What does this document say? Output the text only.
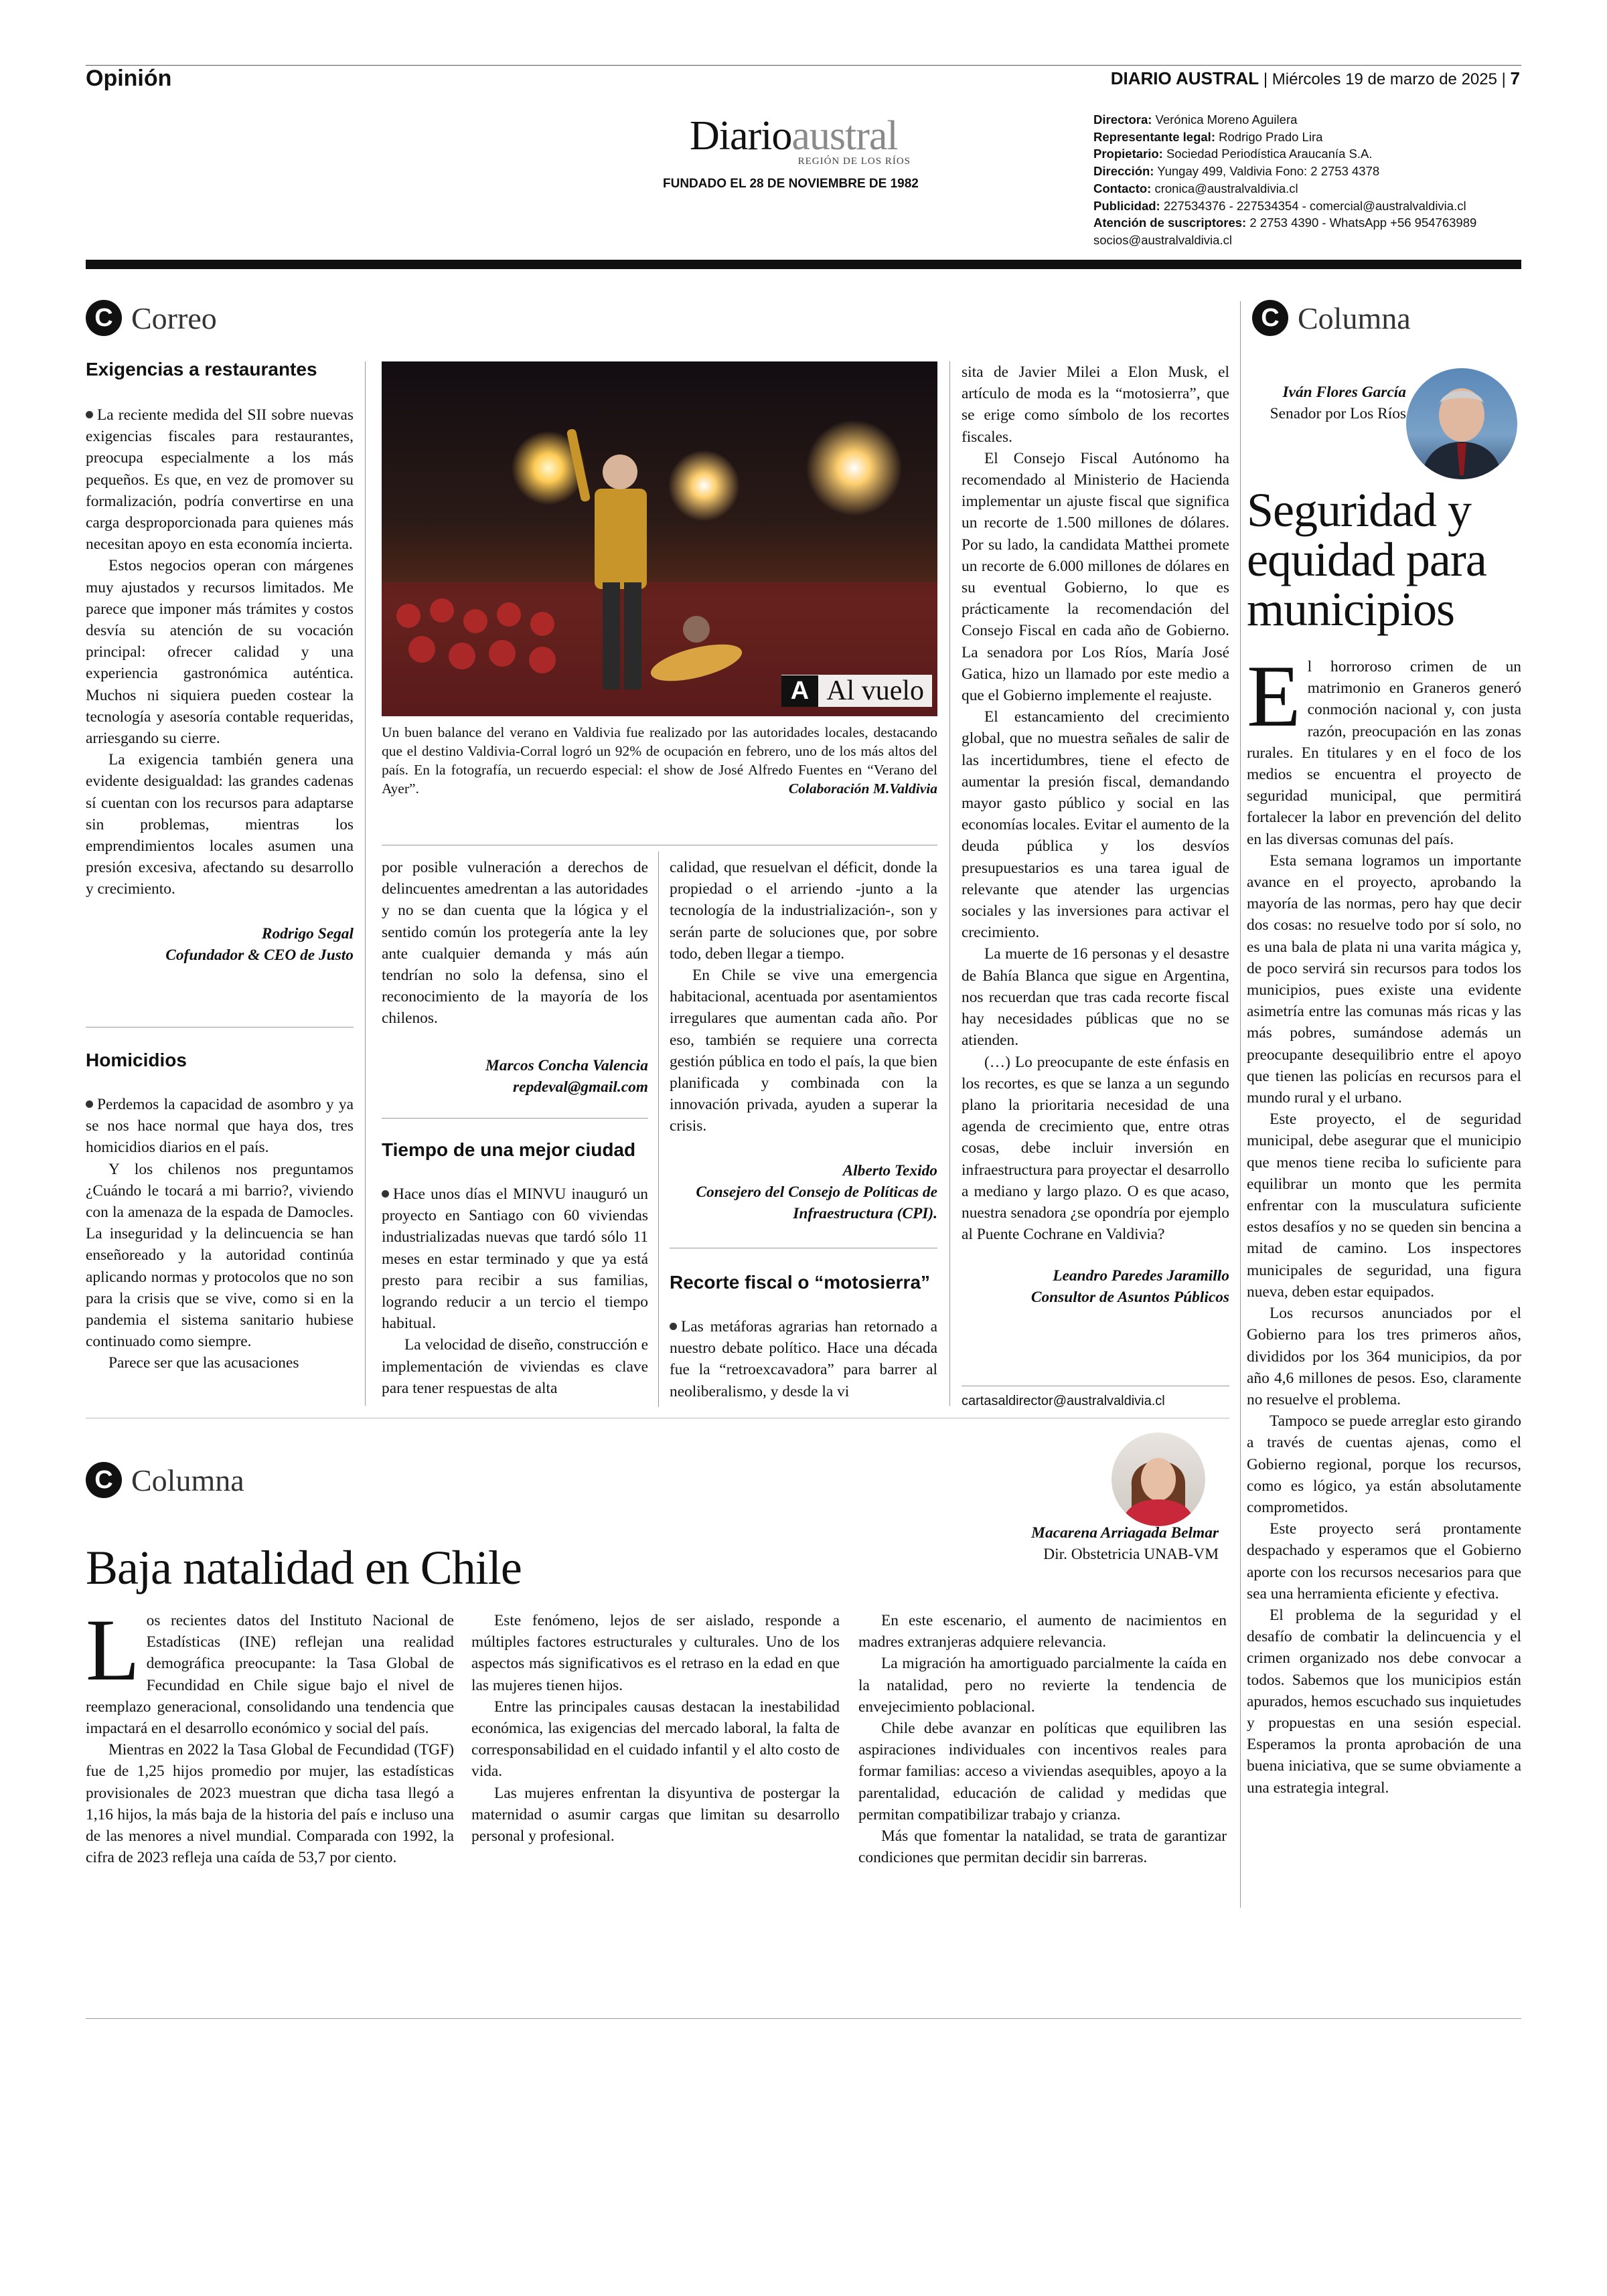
Opinión	DIARIO AUSTRAL | Miércoles 19 de marzo de 2025 | 7
Diarioaustral
REGIÓN DE LOS RÍOS
FUNDADO EL 28 DE NOVIEMBRE DE 1982
Directora: Verónica Moreno Aguilera
Representante legal: Rodrigo Prado Lira
Propietario: Sociedad Periodística Araucanía S.A.
Dirección: Yungay 499, Valdivia Fono: 2 2753 4378
Contacto: cronica@australvaldivia.cl
Publicidad: 227534376 - 227534354 - comercial@australvaldivia.cl
Atención de suscriptores: 2 2753 4390 - WhatsApp +56 954763989
socios@australvaldivia.cl
C Correo
Exigencias a restaurantes

La reciente medida del SII sobre nuevas exigencias fiscales para restaurantes, preocupa especialmente a los más pequeños. Es que, en vez de promover su formalización, podría convertirse en una carga desproporcionada para quienes más necesitan apoyo en esta economía incierta.

Estos negocios operan con márgenes muy ajustados y recursos limitados. Me parece que imponer más trámites y costos desvía su atención de su vocación principal: ofrecer calidad y una experiencia gastronómica auténtica. Muchos ni siquiera pueden costear la tecnología y asesoría contable requeridas, arriesgando su cierre.

La exigencia también genera una evidente desigualdad: las grandes cadenas sí cuentan con los recursos para adaptarse sin problemas, mientras los emprendimientos locales asumen una presión excesiva, afectando su desarrollo y crecimiento.

Rodrigo Segal
Cofundador & CEO de Justo
Homicidios

Perdemos la capacidad de asombro y ya se nos hace normal que haya dos, tres homicidios diarios en el país.

Y los chilenos nos preguntamos ¿Cuándo le tocará a mi barrio?, viviendo con la amenaza de la espada de Damocles. La inseguridad y la delincuencia se han enseñoreado y la autoridad continúa aplicando normas y protocolos que no son para la crisis que se vive, como si en la pandemia el sistema sanitario hubiese continuado como siempre.

Parece ser que las acusaciones

A Al vuelo
Un buen balance del verano en Valdivia fue realizado por las autoridades locales, destacando que el destino Valdivia-Corral logró un 92% de ocupación en febrero, uno de los más altos del país. En la fotografía, un recuerdo especial: el show de José Alfredo Fuentes en “Verano del Ayer”.	Colaboración M.Valdivia

por posible vulneración a derechos de delincuentes amedrentan a las autoridades y no se dan cuenta que la lógica y el sentido común los protegería ante la ley ante cualquier demanda y más aún tendrían no solo la defensa, sino el reconocimiento de la mayoría de los chilenos.

Marcos Concha Valencia
repdeval@gmail.com
Tiempo de una mejor ciudad

Hace unos días el MINVU inauguró un proyecto en Santiago con 60 viviendas industrializadas nuevas que tardó sólo 11 meses en estar terminado y que ya está presto para recibir a sus familias, logrando reducir a un tercio el tiempo habitual.

La velocidad de diseño, construcción e implementación de viviendas es clave para tener respuestas de alta

calidad, que resuelvan el déficit, donde la propiedad o el arriendo -junto a la tecnología de la industrialización-, son y serán parte de soluciones que, por sobre todo, deben llegar a tiempo.

En Chile se vive una emergencia habitacional, acentuada por asentamientos irregulares que aumentan cada año. Por eso, también se requiere una correcta gestión pública en todo el país, la que bien planificada y combinada con la innovación privada, ayuden a superar la crisis.

Alberto Texido
Consejero del Consejo de Políticas de Infraestructura (CPI).
Recorte fiscal o “motosierra”

Las metáforas agrarias han retornado a nuestro debate político. Hace una década fue la “retroexcavadora” para barrer al neoliberalismo, y desde la vi

sita de Javier Milei a Elon Musk, el artículo de moda es la “motosierra”, que se erige como símbolo de los recortes fiscales.

El Consejo Fiscal Autónomo ha recomendado al Ministerio de Hacienda implementar un ajuste fiscal que significa un recorte de 1.500 millones de dólares. Por su lado, la candidata Matthei promete un recorte de 6.000 millones de dólares en su eventual Gobierno, lo que es prácticamente la recomendación del Consejo Fiscal en cada año de Gobierno. La senadora por Los Ríos, María José Gatica, hizo un llamado por este medio a que el Gobierno implemente el reajuste.

El estancamiento del crecimiento global, que no muestra señales de salir de las incertidumbres, tiene el efecto de aumentar la presión fiscal, demandando mayor gasto público y social en las economías locales. Evitar el aumento de la deuda pública y los desvíos presupuestarios es una tarea igual de relevante que atender las urgencias sociales y las inversiones para activar el crecimiento.

La muerte de 16 personas y el desastre de Bahía Blanca que sigue en Argentina, nos recuerdan que tras cada recorte fiscal hay necesidades públicas que no se atienden.

(…) Lo preocupante de este énfasis en los recortes, es que se lanza a un segundo plano la prioritaria necesidad de una agenda de crecimiento que, entre otras cosas, debe incluir inversión en infraestructura para proyectar el desarrollo a mediano y largo plazo. O es que acaso, nuestra senadora ¿se opondría por ejemplo al Puente Cochrane en Valdivia?

Leandro Paredes Jaramillo
Consultor de Asuntos Públicos
cartasaldirector@australvaldivia.cl
C Columna
Iván Flores García
Senador por Los Ríos
Seguridad y equidad para municipios

El horroroso crimen de un matrimonio en Graneros generó conmoción nacional y, con justa razón, preocupación en las zonas rurales. En titulares y en el foco de los medios se encuentra el proyecto de seguridad municipal, que permitirá fortalecer la labor en prevención del delito en las diversas comunas del país.

Esta semana logramos un importante avance en el proyecto, aprobando la mayoría de las normas, pero hay que decir dos cosas: no resuelve todo por sí solo, no es una bala de plata ni una varita mágica y, de poco servirá sin recursos para todos los municipios, pues existe una evidente asimetría entre las comunas más ricas y las más pobres, sumándose además un preocupante desequilibrio entre el apoyo que tienen las policías en recursos para el mundo rural y el urbano.

Este proyecto, el de seguridad municipal, debe asegurar que el municipio que menos tiene reciba lo suficiente para equilibrar un monto que les permita enfrentar con la musculatura suficiente estos desafíos y no se queden sin bencina a mitad de camino. Los inspectores municipales de seguridad, una figura nueva, deben estar equipados.

Los recursos anunciados por el Gobierno para los tres primeros años, divididos por los 364 municipios, da por año 4,6 millones de pesos. Eso, claramente no resuelve el problema.

Tampoco se puede arreglar esto girando a través de cuentas ajenas, como el Gobierno regional, porque los recursos, como es lógico, ya están absolutamente comprometidos.

Este proyecto será prontamente despachado y esperamos que el Gobierno aporte con los recursos necesarios para que sea una herramienta eficiente y efectiva.

El problema de la seguridad y el desafío de combatir la delincuencia y el crimen organizado nos debe convocar a todos. Sabemos que los municipios están apurados, hemos escuchado sus inquietudes y propuestas en una sesión especial. Esperamos la pronta aprobación de una buena iniciativa, que se sume obviamente a una estrategia integral.

C Columna
Macarena Arriagada Belmar
Dir. Obstetricia UNAB-VM
Baja natalidad en Chile

Los recientes datos del Instituto Nacional de Estadísticas (INE) reflejan una realidad demográfica preocupante: la Tasa Global de Fecundidad en Chile sigue bajo el nivel de reemplazo generacional, consolidando una tendencia que impactará en el desarrollo económico y social del país.

Mientras en 2022 la Tasa Global de Fecundidad (TGF) fue de 1,25 hijos promedio por mujer, las estadísticas provisionales de 2023 muestran que dicha tasa llegó a 1,16 hijos, la más baja de la historia del país e incluso una de las menores a nivel mundial. Comparada con 1992, la cifra de 2023 refleja una caída de 53,7 por ciento.

Este fenómeno, lejos de ser aislado, responde a múltiples factores estructurales y culturales. Uno de los aspectos más significativos es el retraso en la edad en que las mujeres tienen hijos.

Entre las principales causas destacan la inestabilidad económica, las exigencias del mercado laboral, la falta de corresponsabilidad en el cuidado infantil y el alto costo de vida.

Las mujeres enfrentan la disyuntiva de postergar la maternidad o asumir cargas que limitan su desarrollo personal y profesional.

En este escenario, el aumento de nacimientos en madres extranjeras adquiere relevancia.

La migración ha amortiguado parcialmente la caída en la natalidad, pero no revierte la tendencia de envejecimiento poblacional.

Chile debe avanzar en políticas que equilibren las aspiraciones individuales con incentivos reales para formar familias: acceso a viviendas asequibles, apoyo a la parentalidad, educación de calidad y medidas que permitan compatibilizar trabajo y crianza.

Más que fomentar la natalidad, se trata de garantizar condiciones que permitan decidir sin barreras.
